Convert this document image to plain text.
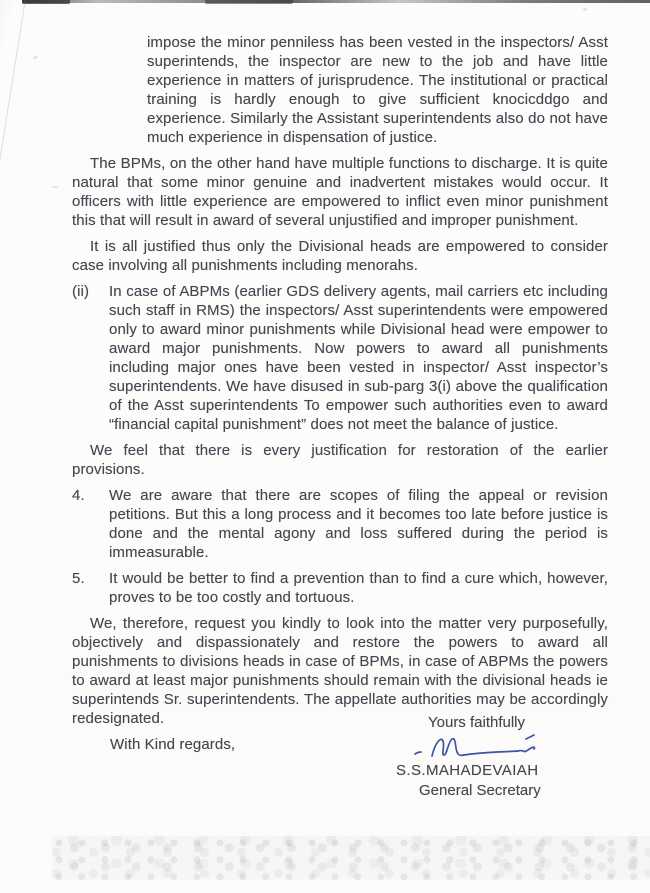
impose the minor penniless has been vested in the inspectors/ Asst superintends, the inspector are new to the job and have little experience in matters of jurisprudence. The institutional or practical training is hardly enough to give sufficient knocicddgo and experience. Similarly the Assistant superintendents also do not have much experience in dispensation of justice.

The BPMs, on the other hand have multiple functions to discharge. It is quite natural that some minor genuine and inadvertent mistakes would occur. It officers with little experience are empowered to inflict even minor punishment this that will result in award of several unjustified and improper punishment.

It is all justified thus only the Divisional heads are empowered to consider case involving all punishments including menorahs.

(ii) In case of ABPMs (earlier GDS delivery agents, mail carriers etc including such staff in RMS) the inspectors/ Asst superintendents were empowered only to award minor punishments while Divisional head were empower to award major punishments. Now powers to award all punishments including major ones have been vested in inspector/ Asst inspector’s superintendents. We have disused in sub-parg 3(i) above the qualification of the Asst superintendents To empower such authorities even to award “financial capital punishment” does not meet the balance of justice.

We feel that there is every justification for restoration of the earlier provisions.

4. We are aware that there are scopes of filing the appeal or revision petitions. But this a long process and it becomes too late before justice is done and the mental agony and loss suffered during the period is immeasurable.
5. It would be better to find a prevention than to find a cure which, however, proves to be too costly and tortuous.

We, therefore, request you kindly to look into the matter very purposefully, objectively and dispassionately and restore the powers to award all punishments to divisions heads in case of BPMs, in case of ABPMs the powers to award at least major punishments should remain with the divisional heads ie superintends Sr. superintendents. The appellate authorities may be accordingly redesignated.

With Kind regards,

Yours faithfully
S.S.MAHADEVAIAH
General Secretary
